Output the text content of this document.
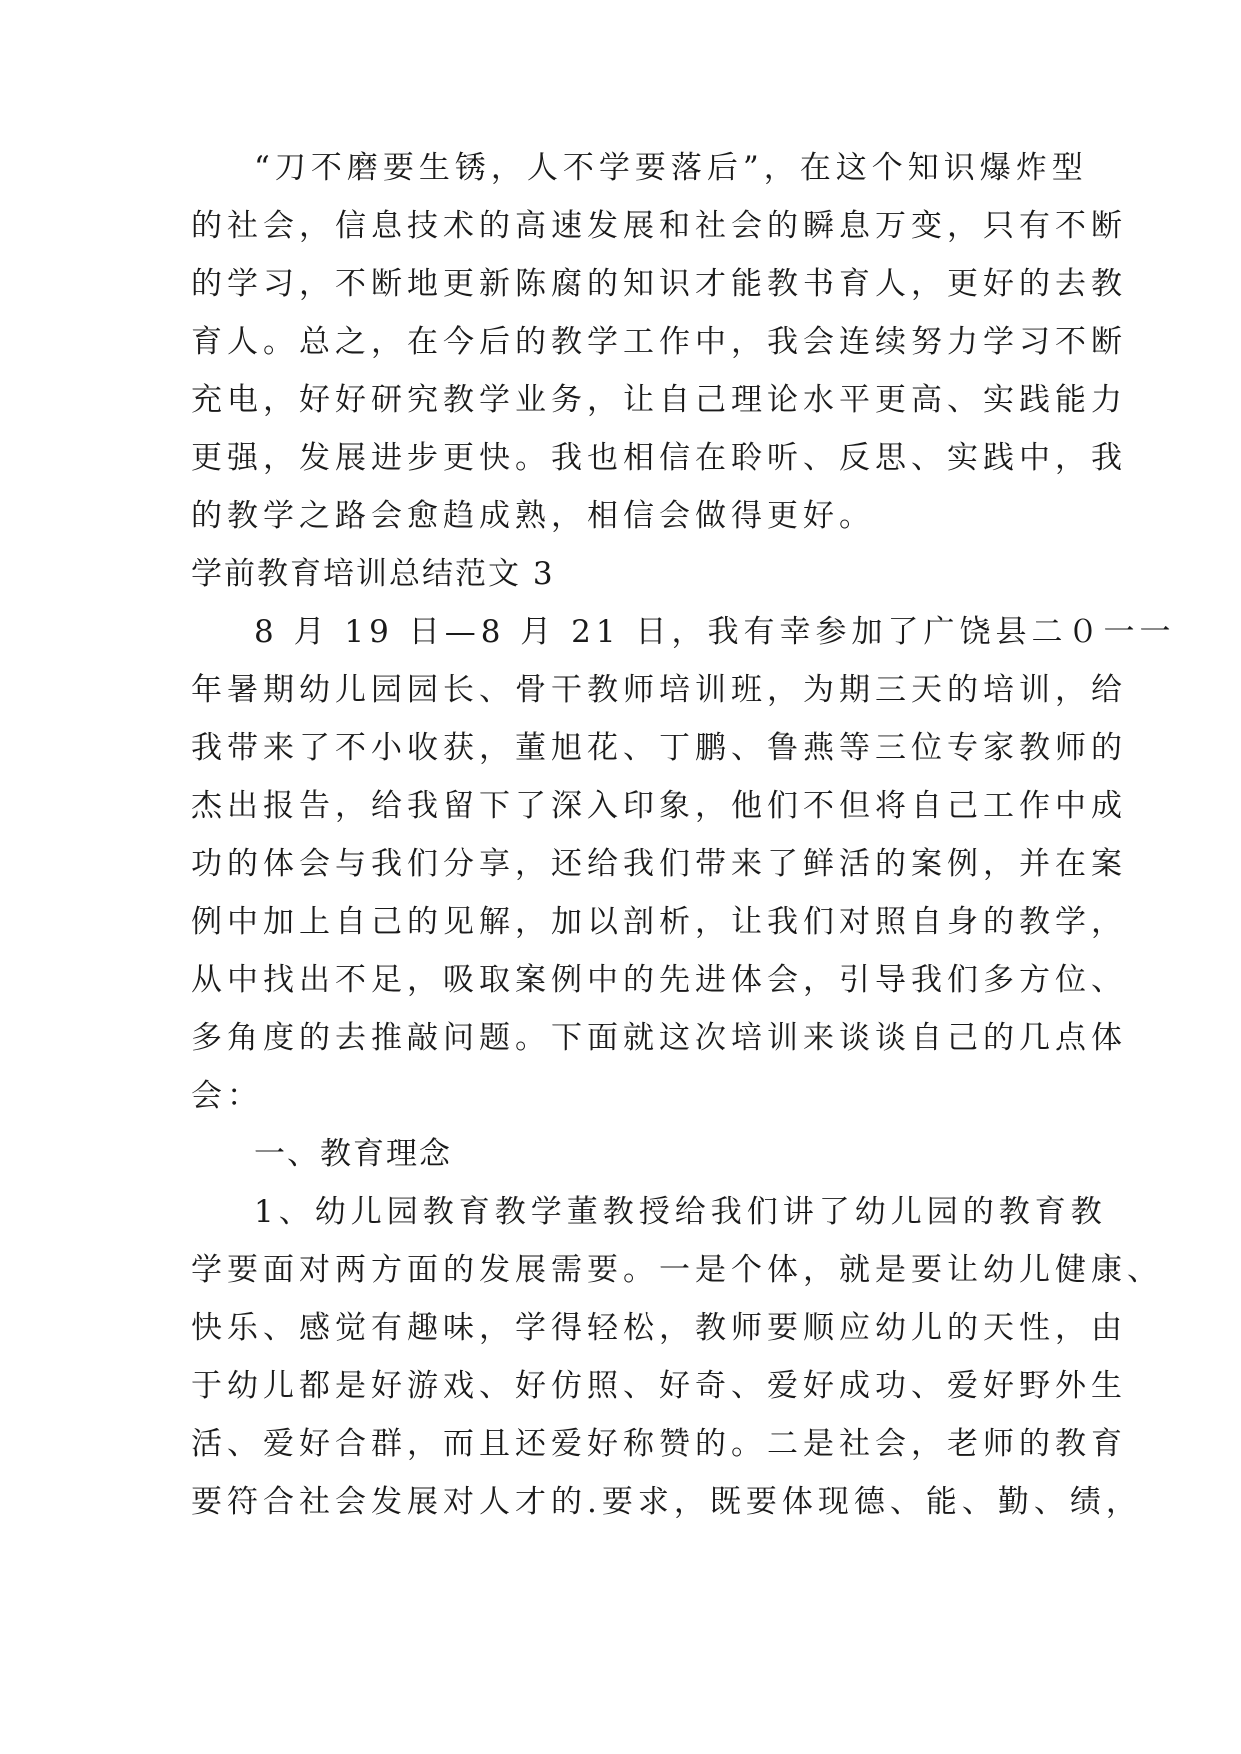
“刀不磨要生锈，人不学要落后”，在这个知识爆炸型
的社会，信息技术的高速发展和社会的瞬息万变，只有不断
的学习，不断地更新陈腐的知识才能教书育人，更好的去教
育人。总之，在今后的教学工作中，我会连续努力学习不断
充电，好好研究教学业务，让自己理论水平更高、实践能力
更强，发展进步更快。我也相信在聆听、反思、实践中，我
的教学之路会愈趋成熟，相信会做得更好。
学前教育培训总结范文 3
8 月 19 日—8 月 21 日，我有幸参加了广饶县二０一一
年暑期幼儿园园长、骨干教师培训班，为期三天的培训，给
我带来了不小收获，董旭花、丁鹏、鲁燕等三位专家教师的
杰出报告，给我留下了深入印象，他们不但将自己工作中成
功的体会与我们分享，还给我们带来了鲜活的案例，并在案
例中加上自己的见解，加以剖析，让我们对照自身的教学，
从中找出不足，吸取案例中的先进体会，引导我们多方位、
多角度的去推敲问题。下面就这次培训来谈谈自己的几点体
会：
一、教育理念
1、幼儿园教育教学董教授给我们讲了幼儿园的教育教
学要面对两方面的发展需要。一是个体，就是要让幼儿健康、
快乐、感觉有趣味，学得轻松，教师要顺应幼儿的天性，由
于幼儿都是好游戏、好仿照、好奇、爱好成功、爱好野外生
活、爱好合群，而且还爱好称赞的。二是社会，老师的教育
要符合社会发展对人才的.要求，既要体现德、能、勤、绩，
